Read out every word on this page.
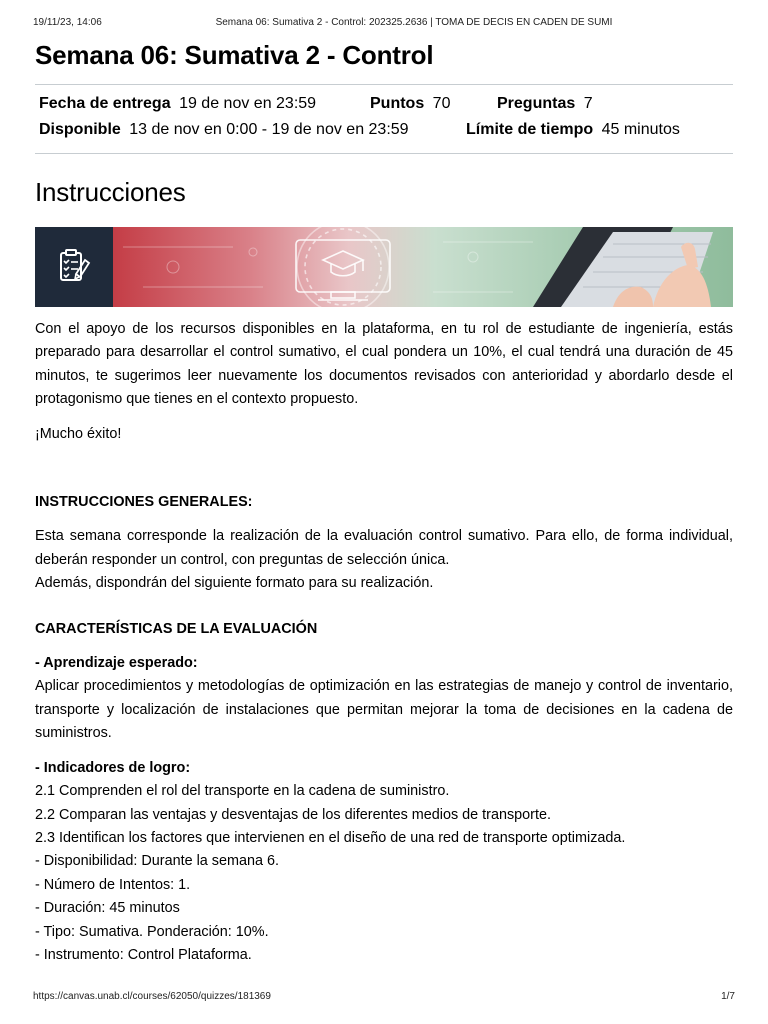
19/11/23, 14:06	Semana 06: Sumativa 2 - Control: 202325.2636 | TOMA DE DECIS EN CADEN DE SUMI
Semana 06: Sumativa 2 - Control
Fecha de entrega 19 de nov en 23:59	Puntos 70	Preguntas 7
Disponible 13 de nov en 0:00 - 19 de nov en 23:59	Límite de tiempo 45 minutos
Instrucciones

Con el apoyo de los recursos disponibles en la plataforma, en tu rol de estudiante de ingeniería, estás preparado para desarrollar el control sumativo, el cual pondera un 10%, el cual tendrá una duración de 45 minutos, te sugerimos leer nuevamente los documentos revisados con anterioridad y abordarlo desde el protagonismo que tienes en el contexto propuesto.

¡Mucho éxito!

INSTRUCCIONES GENERALES:

Esta semana corresponde la realización de la evaluación control sumativo. Para ello, de forma individual, deberán responder un control, con preguntas de selección única.

Además, dispondrán del siguiente formato para su realización.

CARACTERÍSTICAS DE LA EVALUACIÓN

- Aprendizaje esperado:

Aplicar procedimientos y metodologías de optimización en las estrategias de manejo y control de inventario, transporte y localización de instalaciones que permitan mejorar la toma de decisiones en la cadena de suministros.

- Indicadores de logro:

2.1 Comprenden el rol del transporte en la cadena de suministro.
2.2 Comparan las ventajas y desventajas de los diferentes medios de transporte.
2.3 Identifican los factores que intervienen en el diseño de una red de transporte optimizada.
- Disponibilidad: Durante la semana 6.
- Número de Intentos: 1.
- Duración: 45 minutos
- Tipo: Sumativa. Ponderación: 10%.
- Instrumento: Control Plataforma.
https://canvas.unab.cl/courses/62050/quizzes/181369	1/7
